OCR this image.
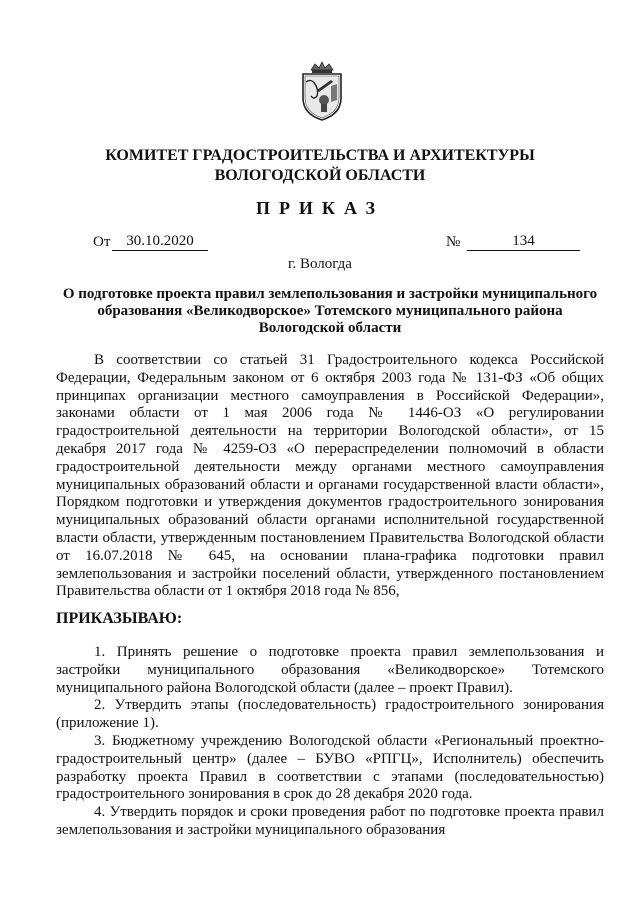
КОМИТЕТ ГРАДОСТРОИТЕЛЬСТВА И АРХИТЕКТУРЫ
ВОЛОГОДСКОЙ ОБЛАСТИ
ПРИКАЗ
От	30.10.2020	№	134
г. Вологда
О подготовке проекта правил землепользования и застройки муниципального образования «Великодворское» Тотемского муниципального района Вологодской области

В соответствии со статьей 31 Градостроительного кодекса Российской Федерации, Федеральным законом от 6 октября 2003 года № 131-ФЗ «Об общих принципах организации местного самоуправления в Российской Федерации», законами области от 1 мая 2006 года № 1446-ОЗ «О регулировании градостроительной деятельности на территории Вологодской области», от 15 декабря 2017 года № 4259-ОЗ «О перераспределении полномочий в области градостроительной деятельности между органами местного самоуправления муниципальных образований области и органами государственной власти области», Порядком подготовки и утверждения документов градостроительного зонирования муниципальных образований области органами исполнительной государственной власти области, утвержденным постановлением Правительства Вологодской области от 16.07.2018 № 645, на основании плана-графика подготовки правил землепользования и застройки поселений области, утвержденного постановлением Правительства области от 1 октября 2018 года № 856,

ПРИКАЗЫВАЮ:

1. Принять решение о подготовке проекта правил землепользования и застройки муниципального образования «Великодворское» Тотемского муниципального района Вологодской области (далее – проект Правил).

2. Утвердить этапы (последовательность) градостроительного зонирования (приложение 1).

3. Бюджетному учреждению Вологодской области «Региональный проектно-градостроительный центр» (далее – БУВО «РПГЦ», Исполнитель) обеспечить разработку проекта Правил в соответствии с этапами (последовательностью) градостроительного зонирования в срок до 28 декабря 2020 года.

4. Утвердить порядок и сроки проведения работ по подготовке проекта правил землепользования и застройки муниципального образования
